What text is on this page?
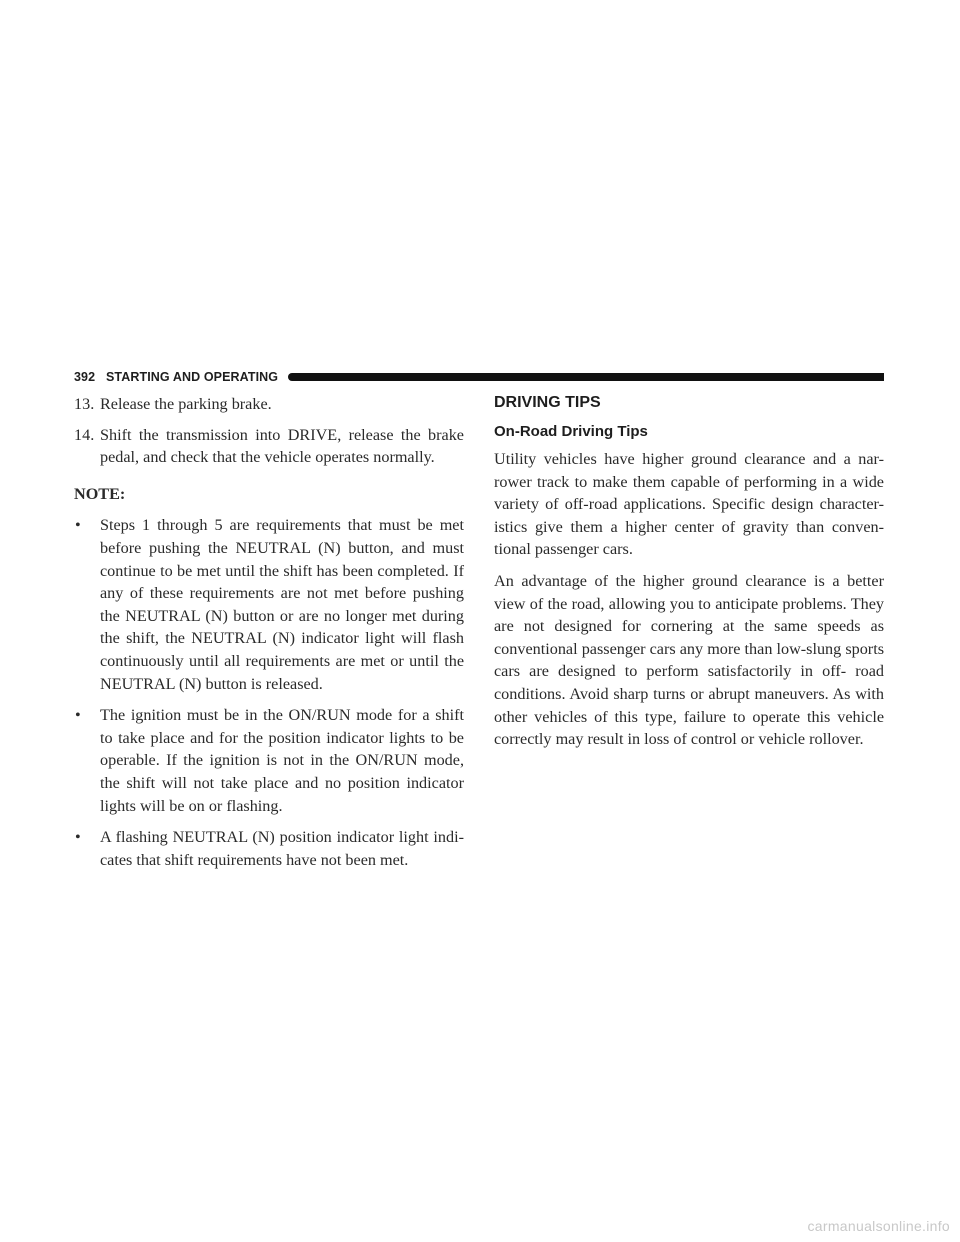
392 STARTING AND OPERATING
13. Release the parking brake.
14. Shift the transmission into DRIVE, release the brake pedal, and check that the vehicle operates normally.

NOTE:

•	Steps 1 through 5 are requirements that must be met before pushing the NEUTRAL (N) button, and must continue to be met until the shift has been completed. If any of these requirements are not met before pushing the NEUTRAL (N) button or are no longer met during the shift, the NEUTRAL (N) indicator light will flash continuously until all requirements are met or until the NEUTRAL (N) button is released.
•	The ignition must be in the ON/RUN mode for a shift to take place and for the position indicator lights to be operable. If the ignition is not in the ON/RUN mode, the shift will not take place and no position indicator lights will be on or flashing.
•	A flashing NEUTRAL (N) position indicator light indi- cates that shift requirements have not been met.

DRIVING TIPS

On-Road Driving Tips

Utility vehicles have higher ground clearance and a nar- rower track to make them capable of performing in a wide variety of off-road applications. Specific design character- istics give them a higher center of gravity than conven- tional passenger cars.

An advantage of the higher ground clearance is a better view of the road, allowing you to anticipate problems. They are not designed for cornering at the same speeds as conventional passenger cars any more than low-slung sports cars are designed to perform satisfactorily in off- road conditions. Avoid sharp turns or abrupt maneuvers. As with other vehicles of this type, failure to operate this vehicle correctly may result in loss of control or vehicle rollover.

carmanualsonline.info
